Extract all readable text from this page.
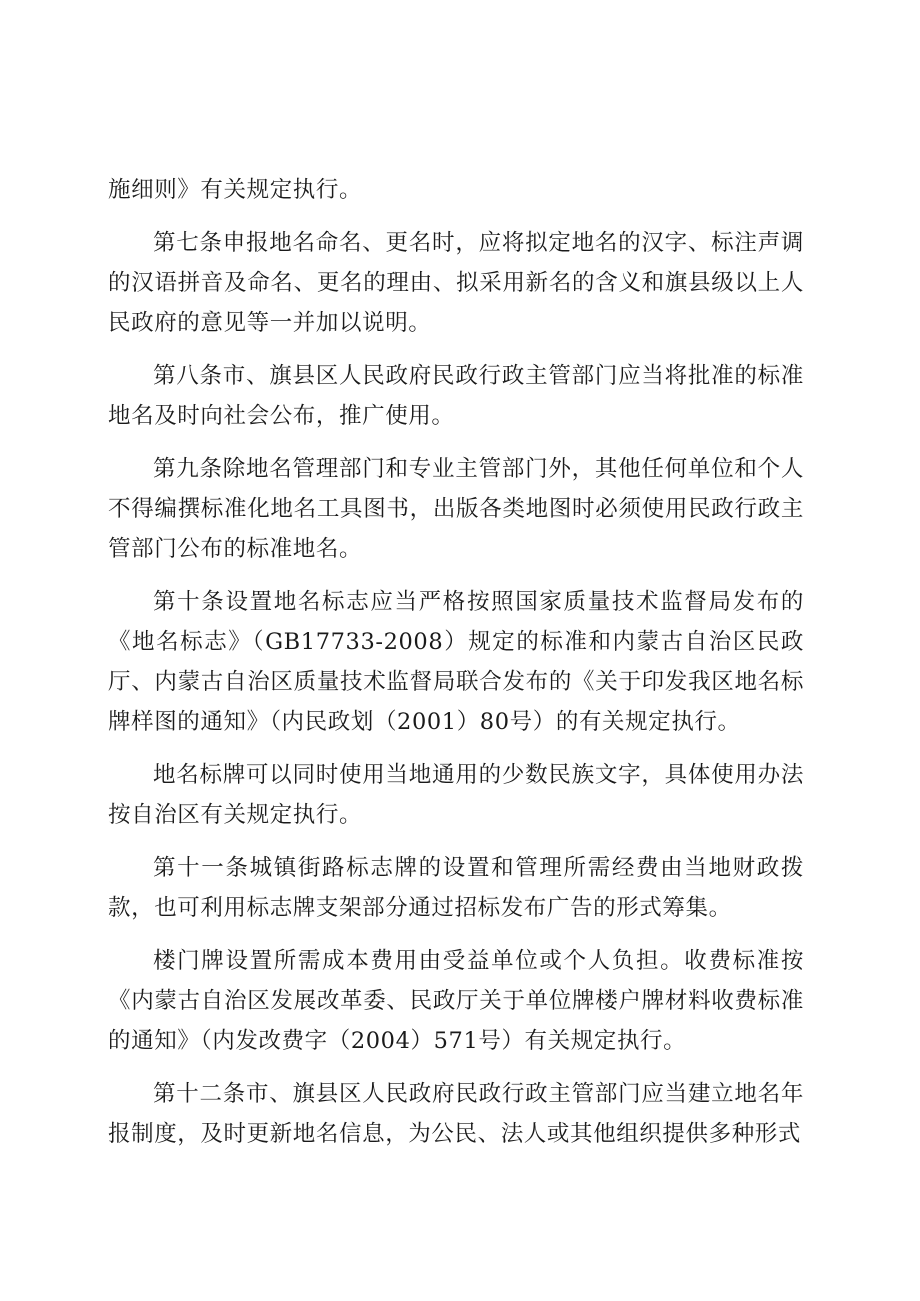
施细则》有关规定执行。

第七条申报地名命名、更名时，应将拟定地名的汉字、标注声调的汉语拼音及命名、更名的理由、拟采用新名的含义和旗县级以上人民政府的意见等一并加以说明。

第八条市、旗县区人民政府民政行政主管部门应当将批准的标准地名及时向社会公布，推广使用。

第九条除地名管理部门和专业主管部门外，其他任何单位和个人不得编撰标准化地名工具图书，出版各类地图时必须使用民政行政主管部门公布的标准地名。

第十条设置地名标志应当严格按照国家质量技术监督局发布的《地名标志》（GB17733-2008）规定的标准和内蒙古自治区民政厅、内蒙古自治区质量技术监督局联合发布的《关于印发我区地名标牌样图的通知》（内民政划（2001）80号）的有关规定执行。

地名标牌可以同时使用当地通用的少数民族文字，具体使用办法按自治区有关规定执行。

第十一条城镇街路标志牌的设置和管理所需经费由当地财政拨款，也可利用标志牌支架部分通过招标发布广告的形式筹集。

楼门牌设置所需成本费用由受益单位或个人负担。收费标准按《内蒙古自治区发展改革委、民政厅关于单位牌楼户牌材料收费标准的通知》（内发改费字（2004）571号）有关规定执行。

第十二条市、旗县区人民政府民政行政主管部门应当建立地名年报制度，及时更新地名信息，为公民、法人或其他组织提供多种形式
